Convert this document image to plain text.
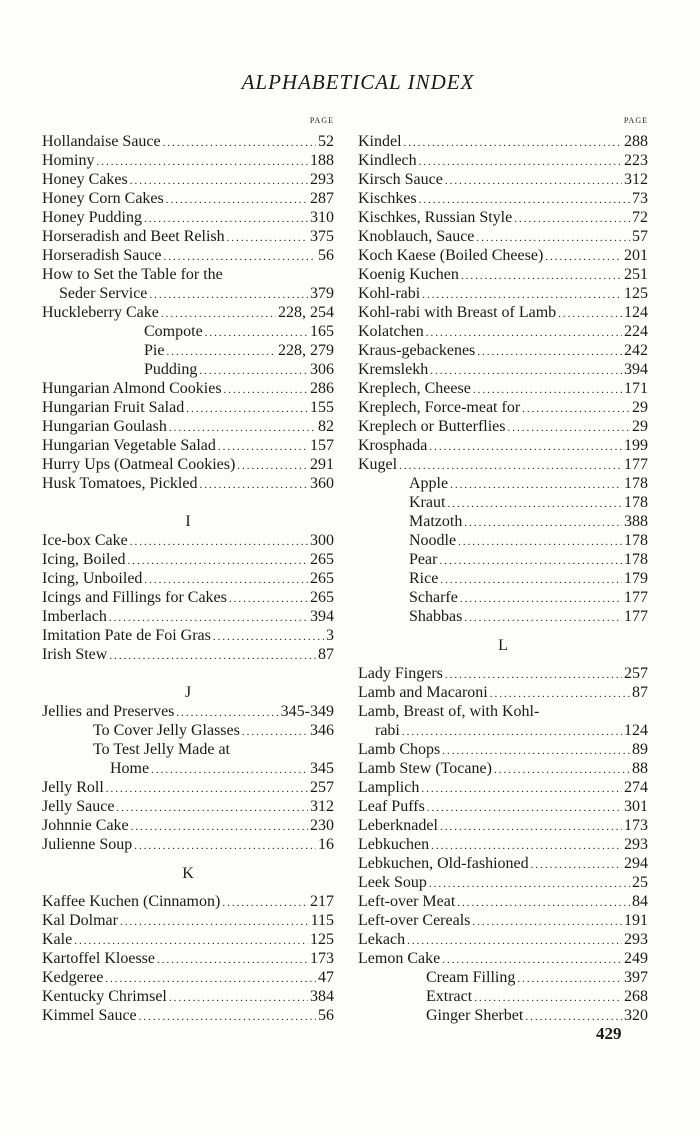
ALPHABETICAL INDEX
PAGE
Hollandaise Sauce .....	52
Hominy .....	188
Honey Cakes .....	293
Honey Corn Cakes .....	287
Honey Pudding .....	310
Horseradish and Beet Relish .....	375
Horseradish Sauce .....	56
How to Set the Table for the
Seder Service .....	379
Huckleberry Cake .....	228, 254
Compote .....	165
Pie .....	228, 279
Pudding .....	306
Hungarian Almond Cookies .....	286
Hungarian Fruit Salad .....	155
Hungarian Goulash .....	82
Hungarian Vegetable Salad .....	157
Hurry Ups (Oatmeal Cookies) .....	291
Husk Tomatoes, Pickled .....	360
I
Ice-box Cake .....	300
Icing, Boiled .....	265
Icing, Unboiled .....	265
Icings and Fillings for Cakes .....	265
Imberlach .....	394
Imitation Pate de Foi Gras .....	3
Irish Stew .....	87
J
Jellies and Preserves .....	345-349
To Cover Jelly Glasses .....	346
To Test Jelly Made at
Home .....	345
Jelly Roll .....	257
Jelly Sauce .....	312
Johnnie Cake .....	230
Julienne Soup .....	16
K
Kaffee Kuchen (Cinnamon) .....	217
Kal Dolmar .....	115
Kale .....	125
Kartoffel Kloesse .....	173
Kedgeree .....	47
Kentucky Chrimsel .....	384
Kimmel Sauce .....	56
PAGE
Kindel .....	288
Kindlech .....	223
Kirsch Sauce .....	312
Kischkes .....	73
Kischkes, Russian Style .....	72
Knoblauch, Sauce .....	57
Koch Kaese (Boiled Cheese) .....	201
Koenig Kuchen .....	251
Kohl-rabi .....	125
Kohl-rabi with Breast of Lamb .....	124
Kolatchen .....	224
Kraus-gebackenes .....	242
Kremslekh .....	394
Kreplech, Cheese .....	171
Kreplech, Force-meat for .....	29
Kreplech or Butterflies .....	29
Krosphada .....	199
Kugel .....	177
Apple .....	178
Kraut .....	178
Matzoth .....	388
Noodle .....	178
Pear .....	178
Rice .....	179
Scharfe .....	177
Shabbas .....	177
L
Lady Fingers .....	257
Lamb and Macaroni .....	87
Lamb, Breast of, with Kohl-
rabi .....	124
Lamb Chops .....	89
Lamb Stew (Tocane) .....	88
Lamplich .....	274
Leaf Puffs .....	301
Leberknadel .....	173
Lebkuchen .....	293
Lebkuchen, Old-fashioned .....	294
Leek Soup .....	25
Left-over Meat .....	84
Left-over Cereals .....	191
Lekach .....	293
Lemon Cake .....	249
Cream Filling .....	397
Extract .....	268
Ginger Sherbet .....	320
429
